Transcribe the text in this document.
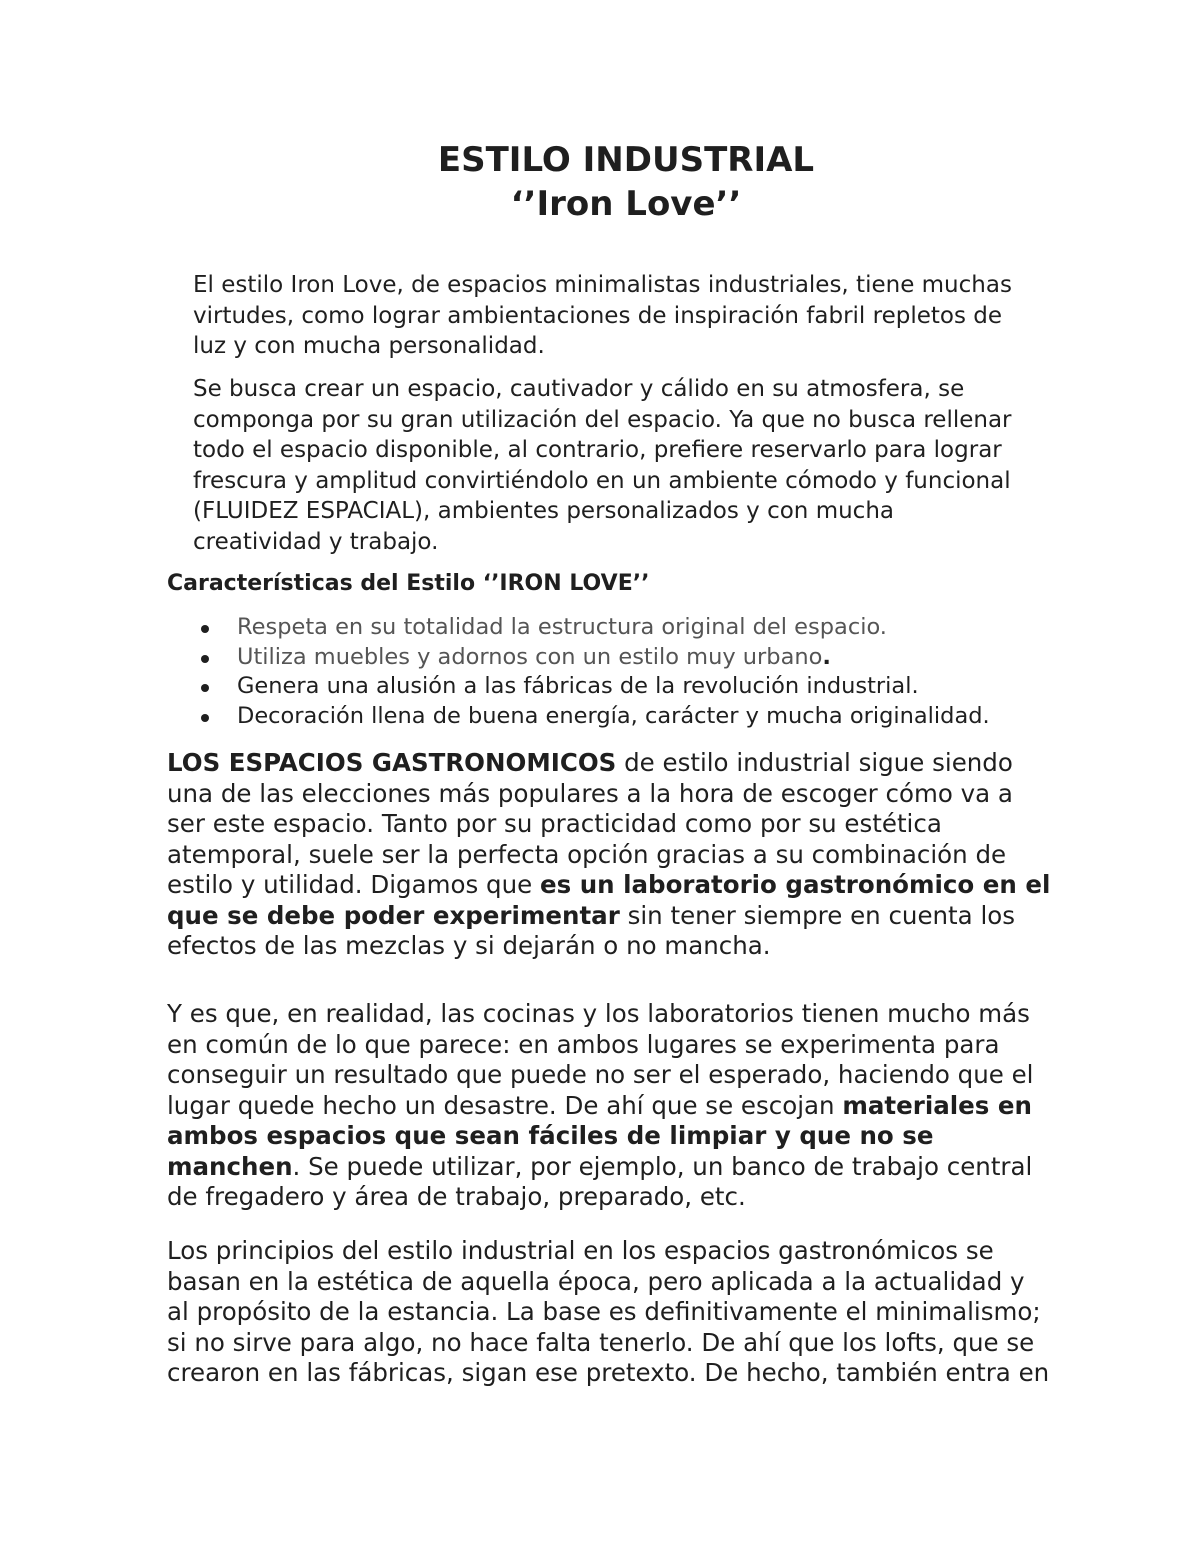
ESTILO INDUSTRIAL
‘’Iron Love’’
El estilo Iron Love, de espacios minimalistas industriales, tiene muchas
virtudes, como lograr ambientaciones de inspiración fabril repletos de
luz y con mucha personalidad.
Se busca crear un espacio, cautivador y cálido en su atmosfera, se
componga por su gran utilización del espacio. Ya que no busca rellenar
todo el espacio disponible, al contrario, prefiere reservarlo para lograr
frescura y amplitud convirtiéndolo en un ambiente cómodo y funcional
(FLUIDEZ ESPACIAL), ambientes personalizados y con mucha
creatividad y trabajo.
Características del Estilo ‘’IRON LOVE’’
Respeta en su totalidad la estructura original del espacio.
Utiliza muebles y adornos con un estilo muy urbano.
Genera una alusión a las fábricas de la revolución industrial.
Decoración llena de buena energía, carácter y mucha originalidad.
LOS ESPACIOS GASTRONOMICOS de estilo industrial sigue siendo
una de las elecciones más populares a la hora de escoger cómo va a
ser este espacio. Tanto por su practicidad como por su estética
atemporal, suele ser la perfecta opción gracias a su combinación de
estilo y utilidad. Digamos que es un laboratorio gastronómico en el
que se debe poder experimentar sin tener siempre en cuenta los
efectos de las mezclas y si dejarán o no mancha.
Y es que, en realidad, las cocinas y los laboratorios tienen mucho más
en común de lo que parece: en ambos lugares se experimenta para
conseguir un resultado que puede no ser el esperado, haciendo que el
lugar quede hecho un desastre. De ahí que se escojan materiales en
ambos espacios que sean fáciles de limpiar y que no se
manchen. Se puede utilizar, por ejemplo, un banco de trabajo central
de fregadero y área de trabajo, preparado, etc.
Los principios del estilo industrial en los espacios gastronómicos se
basan en la estética de aquella época, pero aplicada a la actualidad y
al propósito de la estancia. La base es definitivamente el minimalismo;
si no sirve para algo, no hace falta tenerlo. De ahí que los lofts, que se
crearon en las fábricas, sigan ese pretexto. De hecho, también entra en
